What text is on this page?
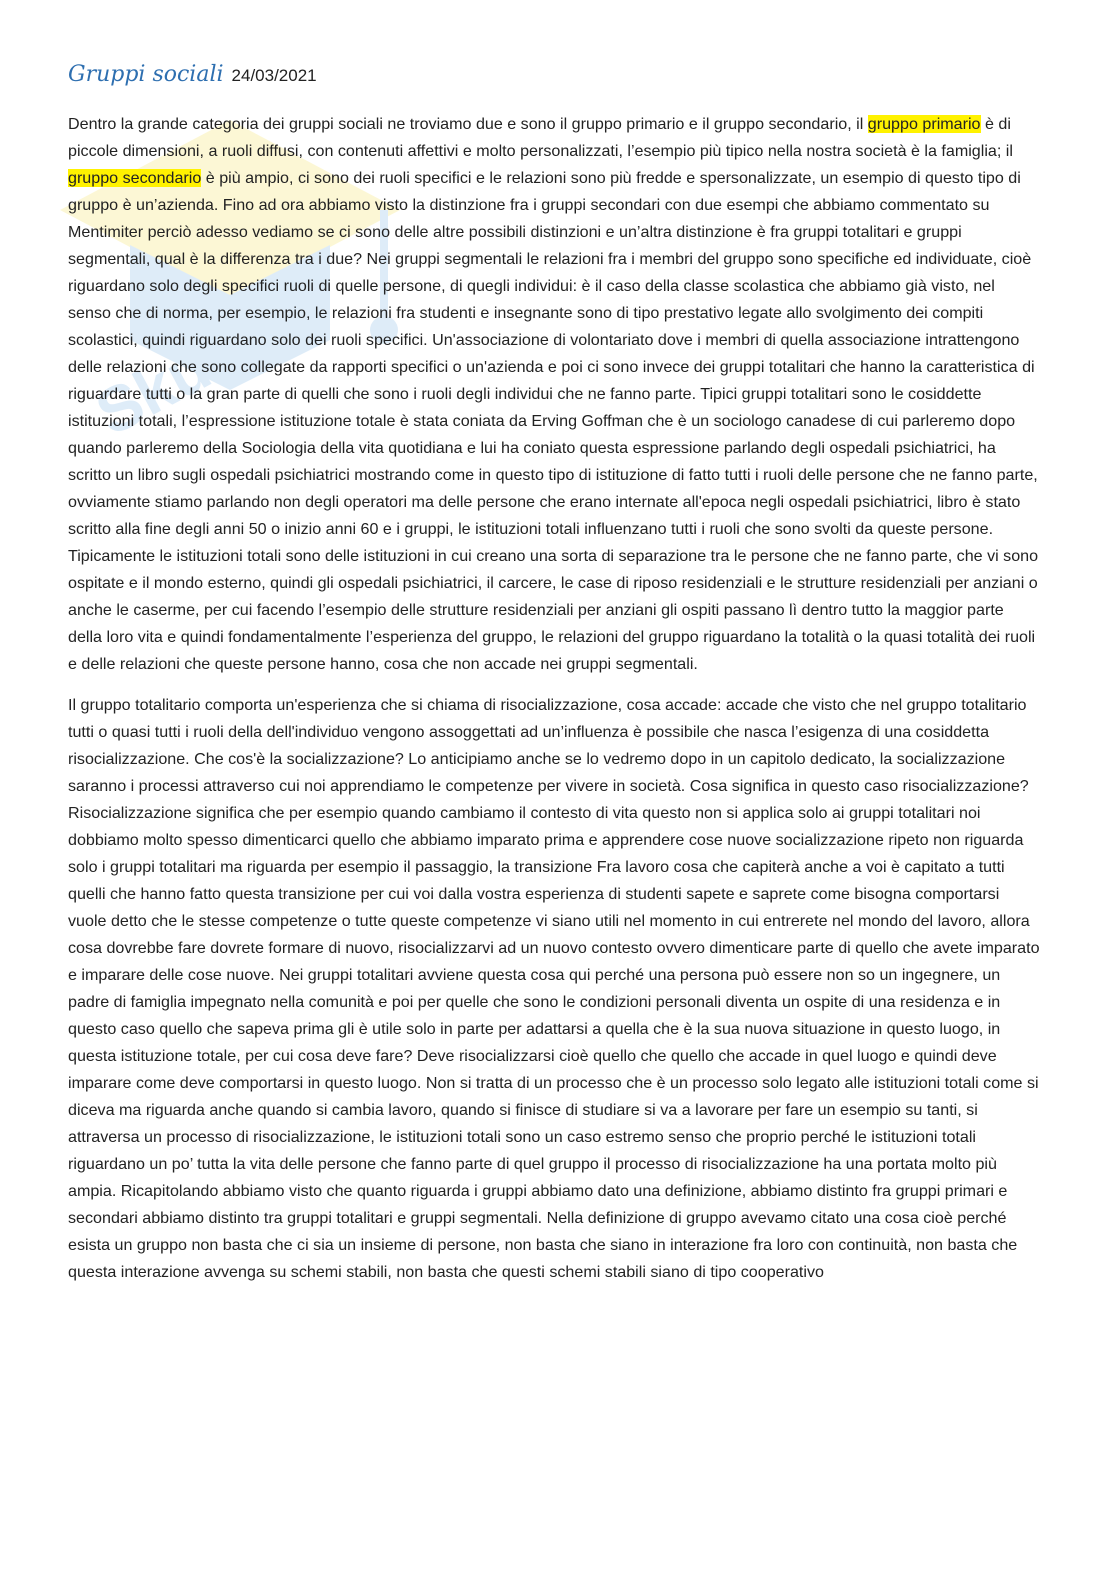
Skuola
Gruppi sociali 24/03/2021

Dentro la grande categoria dei gruppi sociali ne troviamo due e sono il gruppo primario e il gruppo secondario, il gruppo primario è di piccole dimensioni, a ruoli diffusi, con contenuti affettivi e molto personalizzati, l’esempio più tipico nella nostra società è la famiglia; il gruppo secondario è più ampio, ci sono dei ruoli specifici e le relazioni sono più fredde e spersonalizzate, un esempio di questo tipo di gruppo è un’azienda. Fino ad ora abbiamo visto la distinzione fra i gruppi secondari con due esempi che abbiamo commentato su Mentimiter perciò adesso vediamo se ci sono delle altre possibili distinzioni e un’altra distinzione è fra gruppi totalitari e gruppi segmentali, qual è la differenza tra i due? Nei gruppi segmentali le relazioni fra i membri del gruppo sono specifiche ed individuate, cioè riguardano solo degli specifici ruoli di quelle persone, di quegli individui: è il caso della classe scolastica che abbiamo già visto, nel senso che di norma, per esempio, le relazioni fra studenti e insegnante sono di tipo prestativo legate allo svolgimento dei compiti scolastici, quindi riguardano solo dei ruoli specifici. Un'associazione di volontariato dove i membri di quella associazione intrattengono delle relazioni che sono collegate da rapporti specifici o un'azienda e poi ci sono invece dei gruppi totalitari che hanno la caratteristica di riguardare tutti o la gran parte di quelli che sono i ruoli degli individui che ne fanno parte. Tipici gruppi totalitari sono le cosiddette istituzioni totali, l’espressione istituzione totale è stata coniata da Erving Goffman che è un sociologo canadese di cui parleremo dopo quando parleremo della Sociologia della vita quotidiana e lui ha coniato questa espressione parlando degli ospedali psichiatrici, ha scritto un libro sugli ospedali psichiatrici mostrando come in questo tipo di istituzione di fatto tutti i ruoli delle persone che ne fanno parte, ovviamente stiamo parlando non degli operatori ma delle persone che erano internate all'epoca negli ospedali psichiatrici, libro è stato scritto alla fine degli anni 50 o inizio anni 60 e i gruppi, le istituzioni totali influenzano tutti i ruoli che sono svolti da queste persone. Tipicamente le istituzioni totali sono delle istituzioni in cui creano una sorta di separazione tra le persone che ne fanno parte, che vi sono ospitate e il mondo esterno, quindi gli ospedali psichiatrici, il carcere, le case di riposo residenziali e le strutture residenziali per anziani o anche le caserme, per cui facendo l’esempio delle strutture residenziali per anziani gli ospiti passano lì dentro tutto la maggior parte della loro vita e quindi fondamentalmente l’esperienza del gruppo, le relazioni del gruppo riguardano la totalità o la quasi totalità dei ruoli e delle relazioni che queste persone hanno, cosa che non accade nei gruppi segmentali.

Il gruppo totalitario comporta un'esperienza che si chiama di risocializzazione, cosa accade: accade che visto che nel gruppo totalitario tutti o quasi tutti i ruoli della dell'individuo vengono assoggettati ad un’influenza è possibile che nasca l’esigenza di una cosiddetta risocializzazione. Che cos'è la socializzazione? Lo anticipiamo anche se lo vedremo dopo in un capitolo dedicato, la socializzazione saranno i processi attraverso cui noi apprendiamo le competenze per vivere in società. Cosa significa in questo caso risocializzazione? Risocializzazione significa che per esempio quando cambiamo il contesto di vita questo non si applica solo ai gruppi totalitari noi dobbiamo molto spesso dimenticarci quello che abbiamo imparato prima e apprendere cose nuove socializzazione ripeto non riguarda solo i gruppi totalitari ma riguarda per esempio il passaggio, la transizione Fra lavoro cosa che capiterà anche a voi è capitato a tutti quelli che hanno fatto questa transizione per cui voi dalla vostra esperienza di studenti sapete e saprete come bisogna comportarsi vuole detto che le stesse competenze o tutte queste competenze vi siano utili nel momento in cui entrerete nel mondo del lavoro, allora cosa dovrebbe fare dovrete formare di nuovo, risocializzarvi ad un nuovo contesto ovvero dimenticare parte di quello che avete imparato e imparare delle cose nuove. Nei gruppi totalitari avviene questa cosa qui perché una persona può essere non so un ingegnere, un padre di famiglia impegnato nella comunità e poi per quelle che sono le condizioni personali diventa un ospite di una residenza e in questo caso quello che sapeva prima gli è utile solo in parte per adattarsi a quella che è la sua nuova situazione in questo luogo, in questa istituzione totale, per cui cosa deve fare? Deve risocializzarsi cioè quello che quello che accade in quel luogo e quindi deve imparare come deve comportarsi in questo luogo. Non si tratta di un processo che è un processo solo legato alle istituzioni totali come si diceva ma riguarda anche quando si cambia lavoro, quando si finisce di studiare si va a lavorare per fare un esempio su tanti, si attraversa un processo di risocializzazione, le istituzioni totali sono un caso estremo senso che proprio perché le istituzioni totali riguardano un po’ tutta la vita delle persone che fanno parte di quel gruppo il processo di risocializzazione ha una portata molto più ampia. Ricapitolando abbiamo visto che quanto riguarda i gruppi abbiamo dato una definizione, abbiamo distinto fra gruppi primari e secondari abbiamo distinto tra gruppi totalitari e gruppi segmentali. Nella definizione di gruppo avevamo citato una cosa cioè perché esista un gruppo non basta che ci sia un insieme di persone, non basta che siano in interazione fra loro con continuità, non basta che questa interazione avvenga su schemi stabili, non basta che questi schemi stabili siano di tipo cooperativo
